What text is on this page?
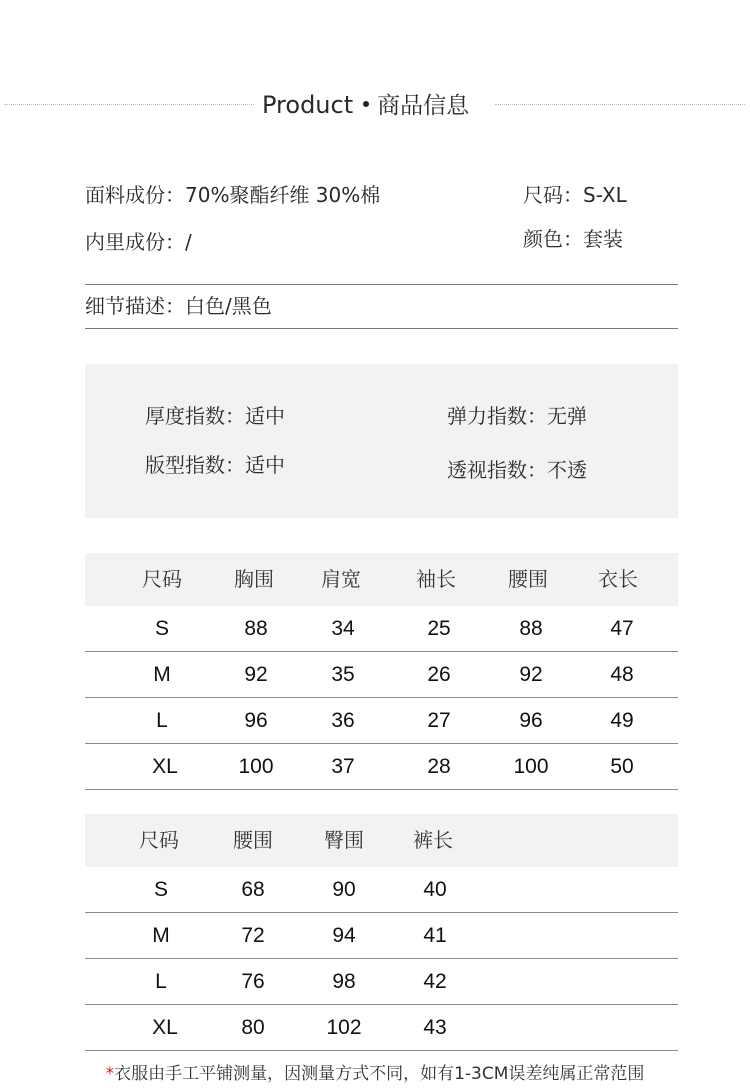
Product 商品信息
面料成份：70%聚酯纤维 30%棉	尺码：S-XL
内里成份：/	颜色：套装
细节描述：白色/黑色
厚度指数：适中	弹力指数：无弹
版型指数：适中	透视指数：不透
尺码	胸围	肩宽	袖长	腰围	衣长
S	88	34	25	88	47
M	92	35	26	92	48
L	96	36	27	96	49
XL	100	37	28	100	50
尺码	腰围	臀围	裤长
S	68	90	40
M	72	94	41
L	76	98	42
XL	80	102	43
*衣服由手工平铺测量，因测量方式不同，如有1-3CM误差纯属正常范围
